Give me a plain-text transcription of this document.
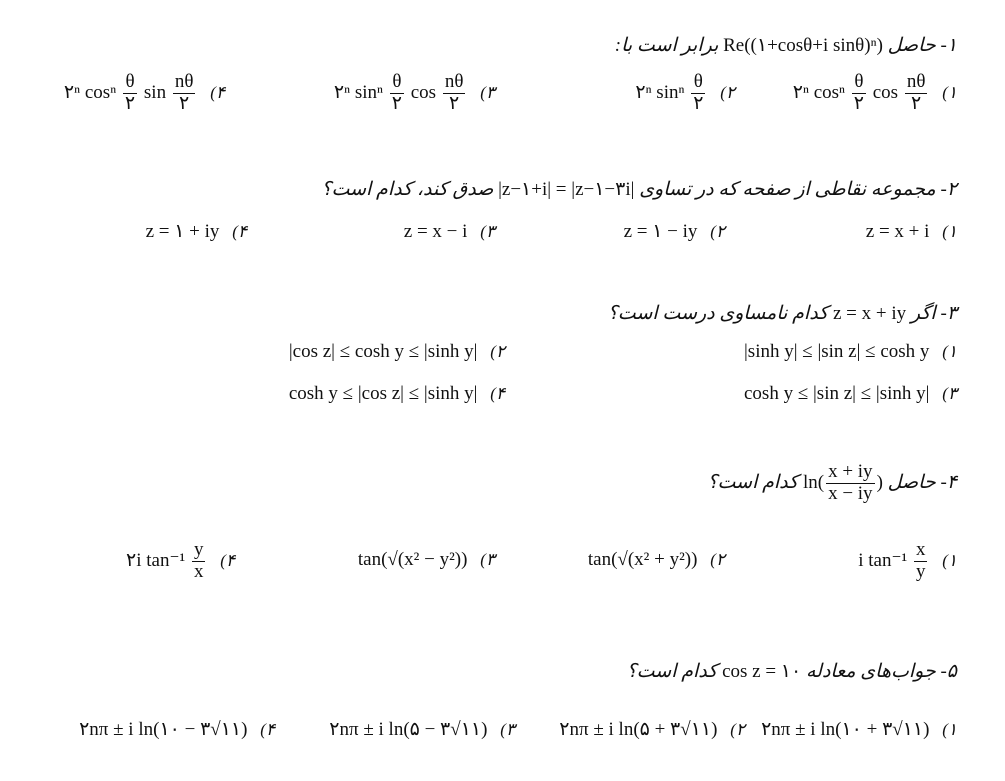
۱- حاصل Re((۱+cosθ+i sinθ)ⁿ) برابر است با:
۱) ۲ⁿ cosⁿ $\frac{\theta}{۲}$ $\cos \frac{n\theta}{۲}$
۲) ۲ⁿ sinⁿ $\frac{\theta}{۲}$
۳) ۲ⁿ sinⁿ $\frac{\theta}{۲}$ $\cos \frac{n\theta}{۲}$
۴) ۲ⁿ cosⁿ $\frac{\theta}{۲}$ $\sin \frac{n\theta}{۲}$
۲- مجموعه نقاطی از صفحه که در تساوی |z−۱+i| = |z−۱−۳i| صدق کند، کدام است؟
۱) z = x + i
۲) z = ۱ − iy
۳) z = x − i
۴) z = ۱ + iy
۳- اگر z = x + iy کدام نامساوی درست است؟
۱) |sinh y| ≤ |sin z| ≤ cosh y
۲) |cos z| ≤ cosh y ≤ |sinh y|
۳) cosh y ≤ |sin z| ≤ |sinh y|
۴) cosh y ≤ |cos z| ≤ |sinh y|
۴- حاصل $\ln( \frac{x + iy}{x - iy}$ ) کدام است؟
۱) i $\tan^{-1} \frac{x}{y}$
۲) tan(√(x² + y²))
۳) tan(√(x² − y²))
۴) ۲i $\tan^{-1} \frac{y}{x}$
۵- جواب‌های معادله cos z = ۱۰ کدام است؟
۱) ۲nπ ± i ln(۱۰ + ۳√۱۱)
۲) ۲nπ ± i ln(۵ + ۳√۱۱)
۳) ۲nπ ± i ln(۵ − ۳√۱۱)
۴) ۲nπ ± i ln(۱۰ − ۳√۱۱)
